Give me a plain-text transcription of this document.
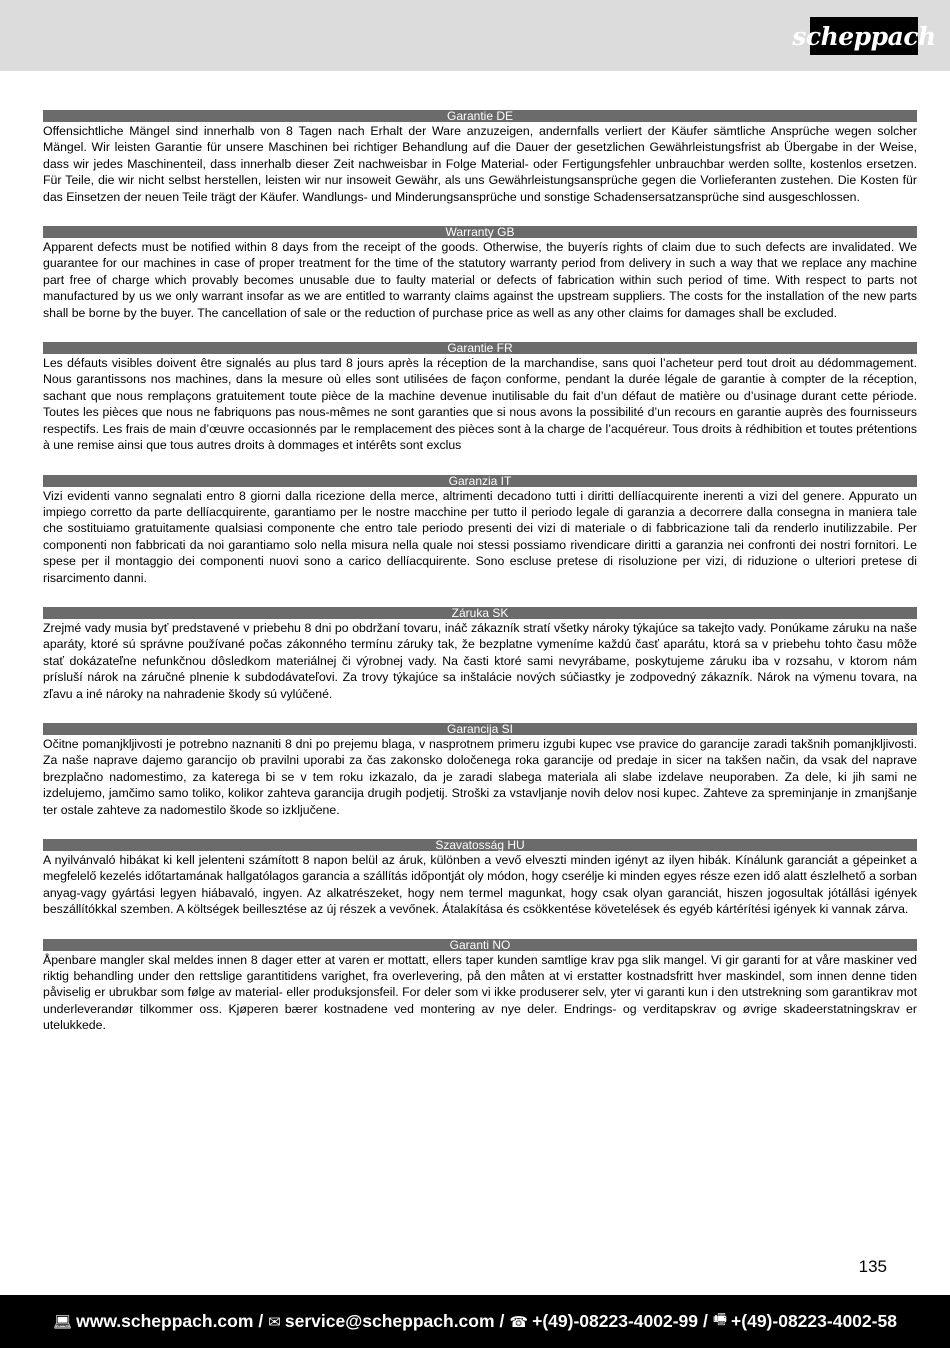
scheppach
Garantie DE

Offensichtliche Mängel sind innerhalb von 8 Tagen nach Erhalt der Ware anzuzeigen, andernfalls verliert der Käufer sämtliche Ansprüche wegen solcher Mängel. Wir leisten Garantie für unsere Maschinen bei richtiger Behandlung auf die Dauer der gesetzlichen Gewährleistungsfrist ab Übergabe in der Weise, dass wir jedes Maschinenteil, dass innerhalb dieser Zeit nachweisbar in Folge Material- oder Fertigungsfehler unbrauchbar werden sollte, kostenlos ersetzen. Für Teile, die wir nicht selbst herstellen, leisten wir nur insoweit Gewähr, als uns Gewährleistungsansprüche gegen die Vorlieferanten zustehen. Die Kosten für das Einsetzen der neuen Teile trägt der Käufer. Wandlungs- und Minderungsansprüche und sonstige Schadensersatzansprüche sind ausgeschlossen.

Warranty GB

Apparent defects must be notified within 8 days from the receipt of the goods. Otherwise, the buyerís rights of claim due to such defects are invalidated. We guarantee for our machines in case of proper treatment for the time of the statutory warranty period from delivery in such a way that we replace any machine part free of charge which provably becomes unusable due to faulty material or defects of fabrication within such period of time. With respect to parts not manufactured by us we only warrant insofar as we are entitled to warranty claims against the upstream suppliers. The costs for the installation of the new parts shall be borne by the buyer. The cancellation of sale or the reduction of purchase price as well as any other claims for damages shall be excluded.

Garantie FR

Les défauts visibles doivent être signalés au plus tard 8 jours après la réception de la marchandise, sans quoi l’acheteur perd tout droit au dédommagement. Nous garantissons nos machines, dans la mesure où elles sont utilisées de façon conforme, pendant la durée légale de garantie à compter de la réception, sachant que nous remplaçons gratuitement toute pièce de la machine devenue inutilisable du fait d’un défaut de matière ou d’usinage durant cette période. Toutes les pièces que nous ne fabriquons pas nous-mêmes ne sont garanties que si nous avons la possibilité d’un recours en garantie auprès des fournisseurs respectifs. Les frais de main d’œuvre occasionnés par le remplacement des pièces sont à la charge de l’acquéreur. Tous droits à rédhibition et toutes prétentions à une remise ainsi que tous autres droits à dommages et intérêts sont exclus

Garanzia IT

Vizi evidenti vanno segnalati entro 8 giorni dalla ricezione della merce, altrimenti decadono tutti i diritti dellíacquirente inerenti a vizi del genere. Appurato un impiego corretto da parte dellíacquirente, garantiamo per le nostre macchine per tutto il periodo legale di garanzia a decorrere dalla consegna in maniera tale che sostituiamo gratuitamente qualsiasi componente che entro tale periodo presenti dei vizi di materiale o di fabbricazione tali da renderlo inutilizzabile. Per componenti non fabbricati da noi garantiamo solo nella misura nella quale noi stessi possiamo rivendicare diritti a garanzia nei confronti dei nostri fornitori. Le spese per il montaggio dei componenti nuovi sono a carico dellíacquirente. Sono escluse pretese di risoluzione per vizi, di riduzione o ulteriori pretese di risarcimento danni.

Záruka SK

Zrejmé vady musia byť predstavené v priebehu 8 dni po obdržaní tovaru, ináč zákazník stratí všetky nároky týkajúce sa takejto vady. Ponúkame záruku na naše aparáty, ktoré sú správne používané počas zákonného termínu záruky tak, že bezplatne vymeníme každú časť aparátu, ktorá sa v priebehu tohto času môže stať dokázateľne nefunkčnou dôsledkom materiálnej či výrobnej vady. Na časti ktoré sami nevyrábame, poskytujeme záruku iba v rozsahu, v ktorom nám prísluší nárok na záručné plnenie k subdodávateľovi. Za trovy týkajúce sa inštalácie nových súčiastky je zodpovedný zákazník. Nárok na výmenu tovara, na zľavu a iné nároky na nahradenie škody sú vylúčené.

Garancija SI

Očitne pomanjkljivosti je potrebno naznaniti 8 dni po prejemu blaga, v nasprotnem primeru izgubi kupec vse pravice do garancije zaradi takšnih pomanjkljivosti. Za naše naprave dajemo garancijo ob pravilni uporabi za čas zakonsko določenega roka garancije od predaje in sicer na takšen način, da vsak del naprave brezplačno nadomestimo, za katerega bi se v tem roku izkazalo, da je zaradi slabega materiala ali slabe izdelave neuporaben. Za dele, ki jih sami ne izdelujemo, jamčimo samo toliko, kolikor zahteva garancija drugih podjetij. Stroški za vstavljanje novih delov nosi kupec. Zahteve za spreminjanje in zmanjšanje ter ostale zahteve za nadomestilo škode so izključene.

Szavatosság HU

A nyilvánvaló hibákat ki kell jelenteni számított 8 napon belül az áruk, különben a vevő elveszti minden igényt az ilyen hibák. Kínálunk garanciát a gépeinket a megfelelő kezelés időtartamának hallgatólagos garancia a szállítás időpontját oly módon, hogy cserélje ki minden egyes része ezen idő alatt észlelhető a sorban anyag-vagy gyártási legyen hiábavaló, ingyen. Az alkatrészeket, hogy nem termel magunkat, hogy csak olyan garanciát, hiszen jogosultak jótállási igények beszállítókkal szemben. A költségek beillesztése az új részek a vevőnek. Átalakítása és csökkentése követelések és egyéb kártérítési igények ki vannak zárva.

Garanti NO

Åpenbare mangler skal meldes innen 8 dager etter at varen er mottatt, ellers taper kunden samtlige krav pga slik mangel. Vi gir garanti for at våre maskiner ved riktig behandling under den rettslige garantitidens varighet, fra overlevering, på den måten at vi erstatter kostnadsfritt hver maskindel, som innen denne tiden påviselig er ubrukbar som følge av material- eller produksjonsfeil. For deler som vi ikke produserer selv, yter vi garanti kun i den utstrekning som garantikrav mot underleverandør tilkommer oss. Kjøperen bærer kostnadene ved montering av nye deler. Endrings- og verditapskrav og øvrige skadeerstatningskrav er utelukkede.

135
💻︎ www.scheppach.com / ✉︎ service@scheppach.com / ☎︎ +(49)-08223-4002-99 / 🖷︎ +(49)-08223-4002-58
